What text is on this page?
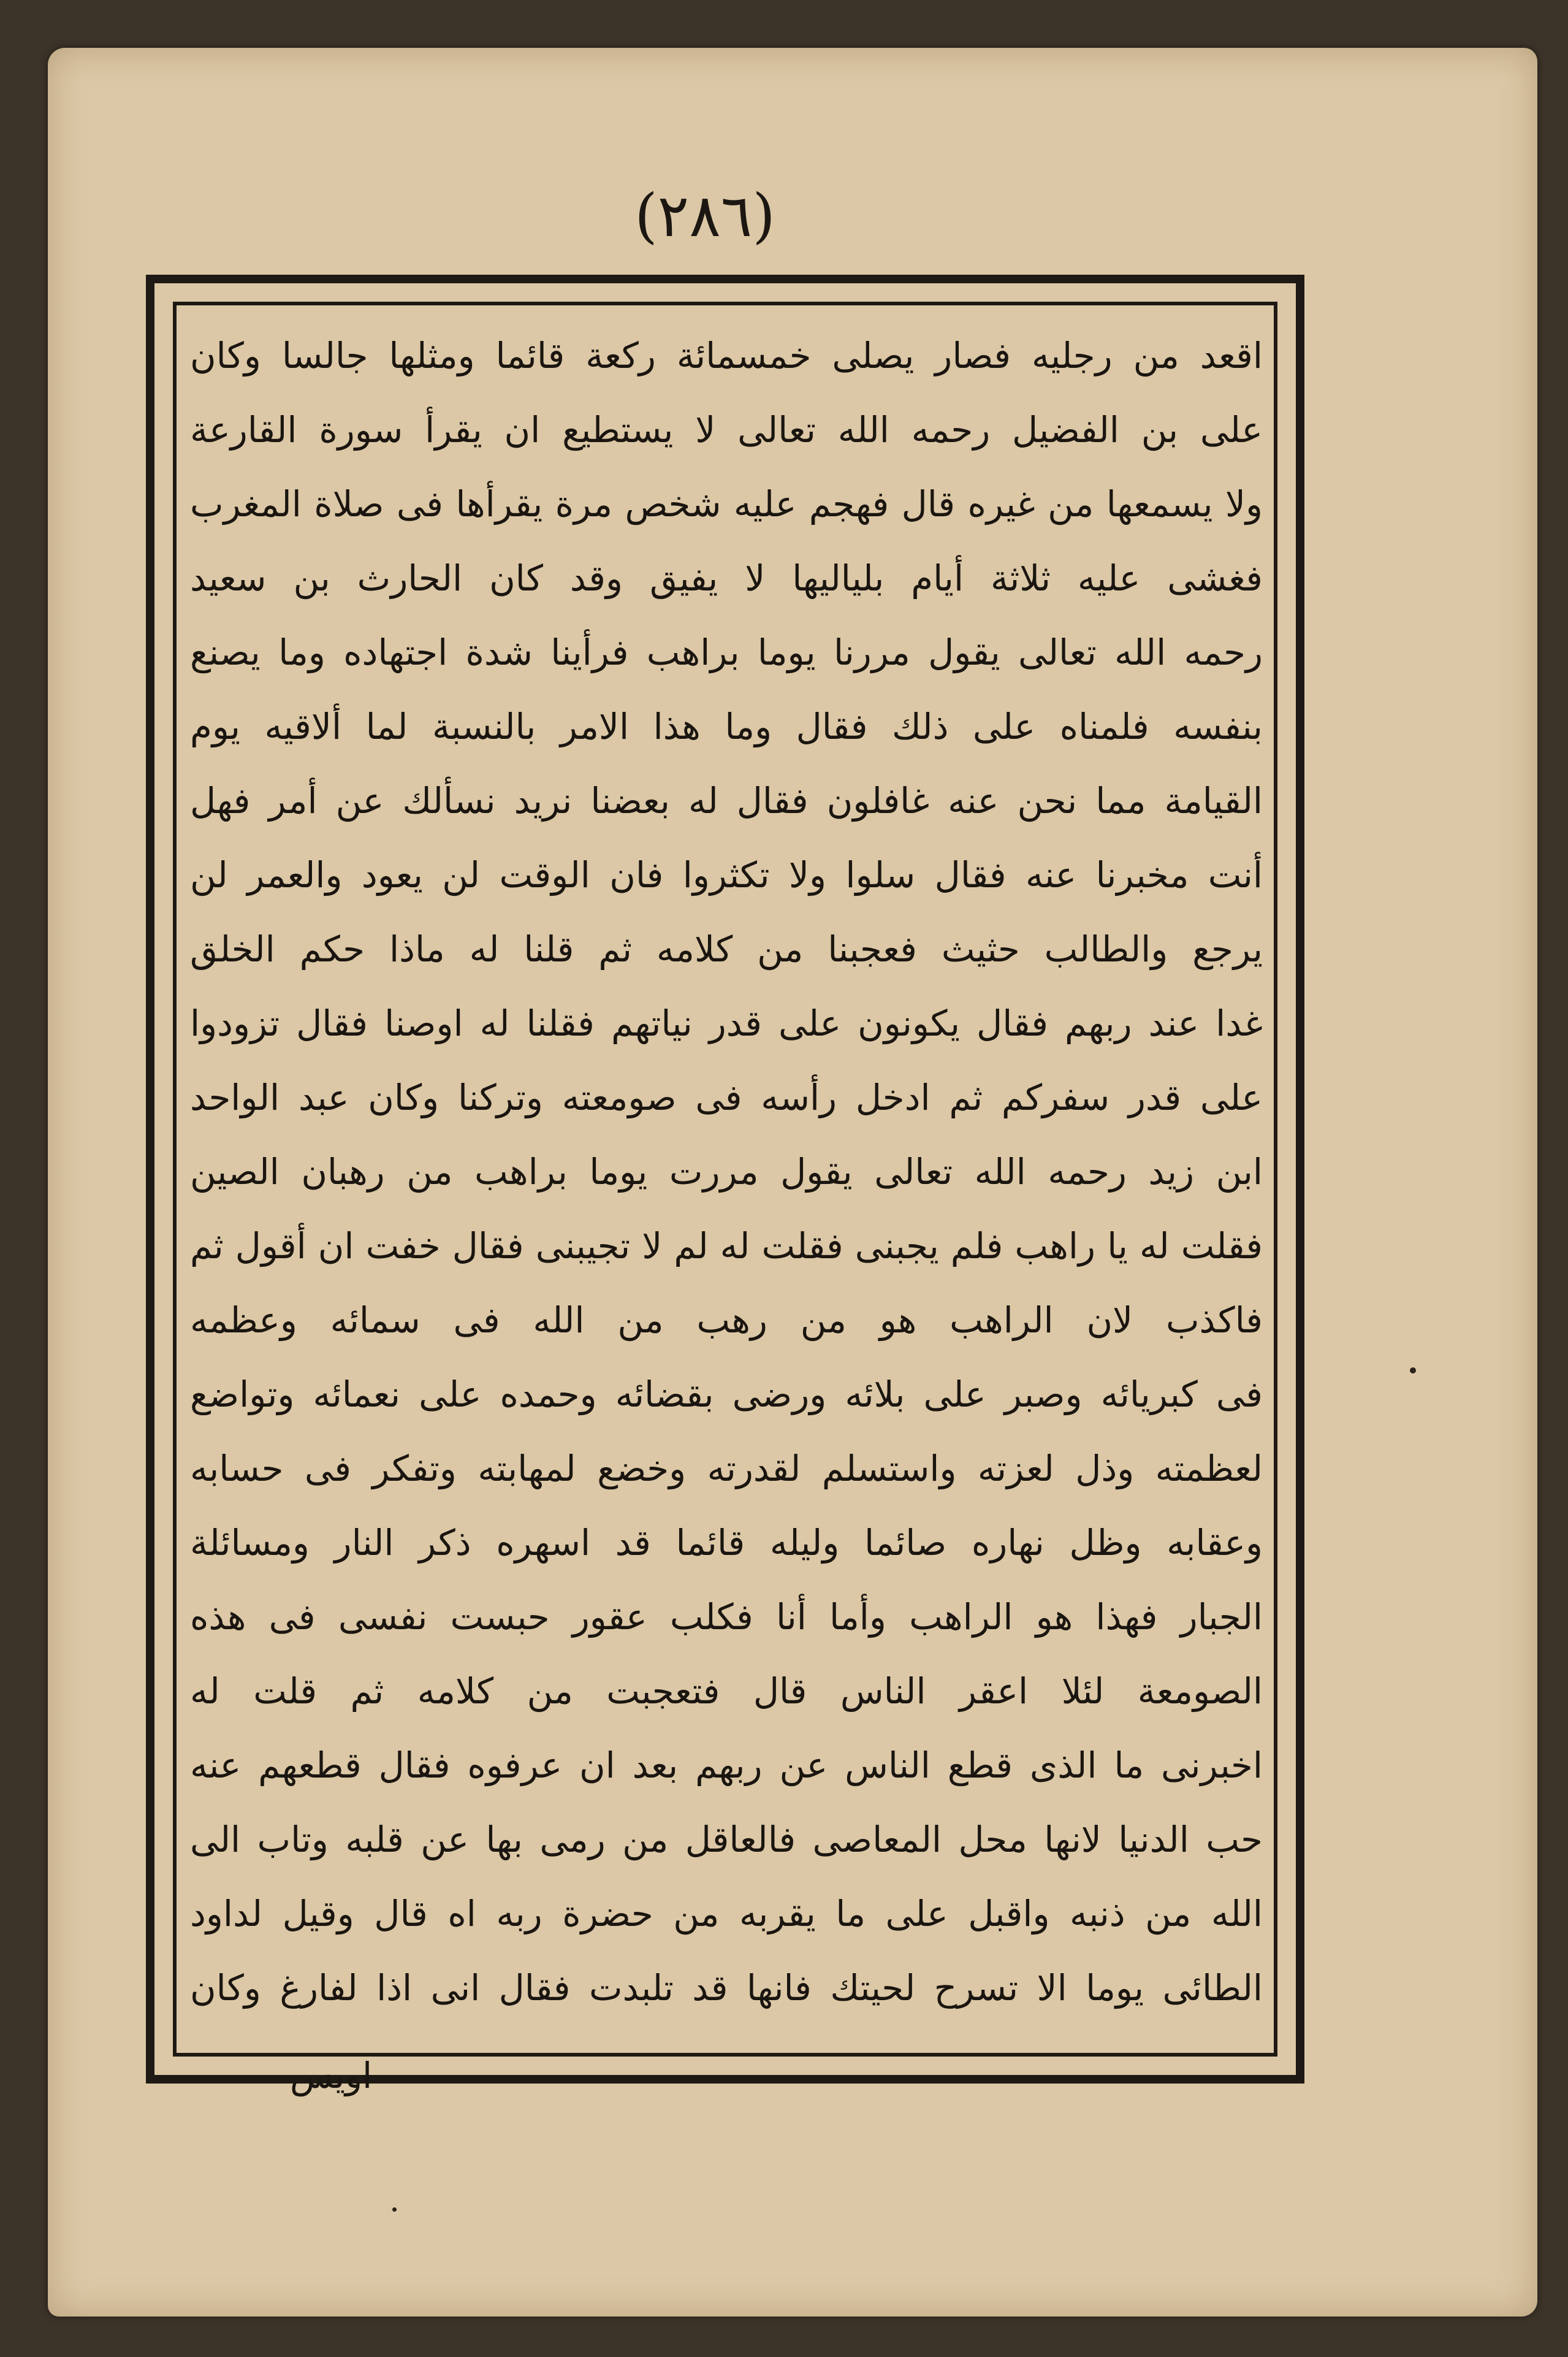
(٢٨٦)
اقعد من رجليه فصار يصلى خمسمائة ركعة قائما ومثلها جالسا وكان
على بن الفضيل رحمه الله تعالى لا يستطيع ان يقرأ سورة القارعة
ولا يسمعها من غيره قال فهجم عليه شخص مرة يقرأها فى صلاة المغرب
فغشى عليه ثلاثة أيام بلياليها لا يفيق وقد كان الحارث بن سعيد
رحمه الله تعالى يقول مررنا يوما براهب فرأينا شدة اجتهاده وما يصنع
بنفسه فلمناه على ذلك فقال وما هذا الامر بالنسبة لما ألاقيه يوم
القيامة مما نحن عنه غافلون فقال له بعضنا نريد نسألك عن أمر فهل
أنت مخبرنا عنه فقال سلوا ولا تكثروا فان الوقت لن يعود والعمر لن
يرجع والطالب حثيث فعجبنا من كلامه ثم قلنا له ماذا حكم الخلق
غدا عند ربهم فقال يكونون على قدر نياتهم فقلنا له اوصنا فقال تزودوا
على قدر سفركم ثم ادخل رأسه فى صومعته وتركنا وكان عبد الواحد
ابن زيد رحمه الله تعالى يقول مررت يوما براهب من رهبان الصين
فقلت له يا راهب فلم يجبنى فقلت له لم لا تجيبنى فقال خفت ان أقول ثم
فاكذب لان الراهب هو من رهب من الله فى سمائه وعظمه
فى كبريائه وصبر على بلائه ورضى بقضائه وحمده على نعمائه وتواضع
لعظمته وذل لعزته واستسلم لقدرته وخضع لمهابته وتفكر فى حسابه
وعقابه وظل نهاره صائما وليله قائما قد اسهره ذكر النار ومسائلة
الجبار فهذا هو الراهب وأما أنا فكلب عقور حبست نفسى فى هذه
الصومعة لئلا اعقر الناس قال فتعجبت من كلامه ثم قلت له
اخبرنى ما الذى قطع الناس عن ربهم بعد ان عرفوه فقال قطعهم عنه
حب الدنيا لانها محل المعاصى فالعاقل من رمى بها عن قلبه وتاب الى
الله من ذنبه واقبل على ما يقربه من حضرة ربه اه قال وقيل لداود
الطائى يوما الا تسرح لحيتك فانها قد تلبدت فقال انى اذا لفارغ وكان
اويس
